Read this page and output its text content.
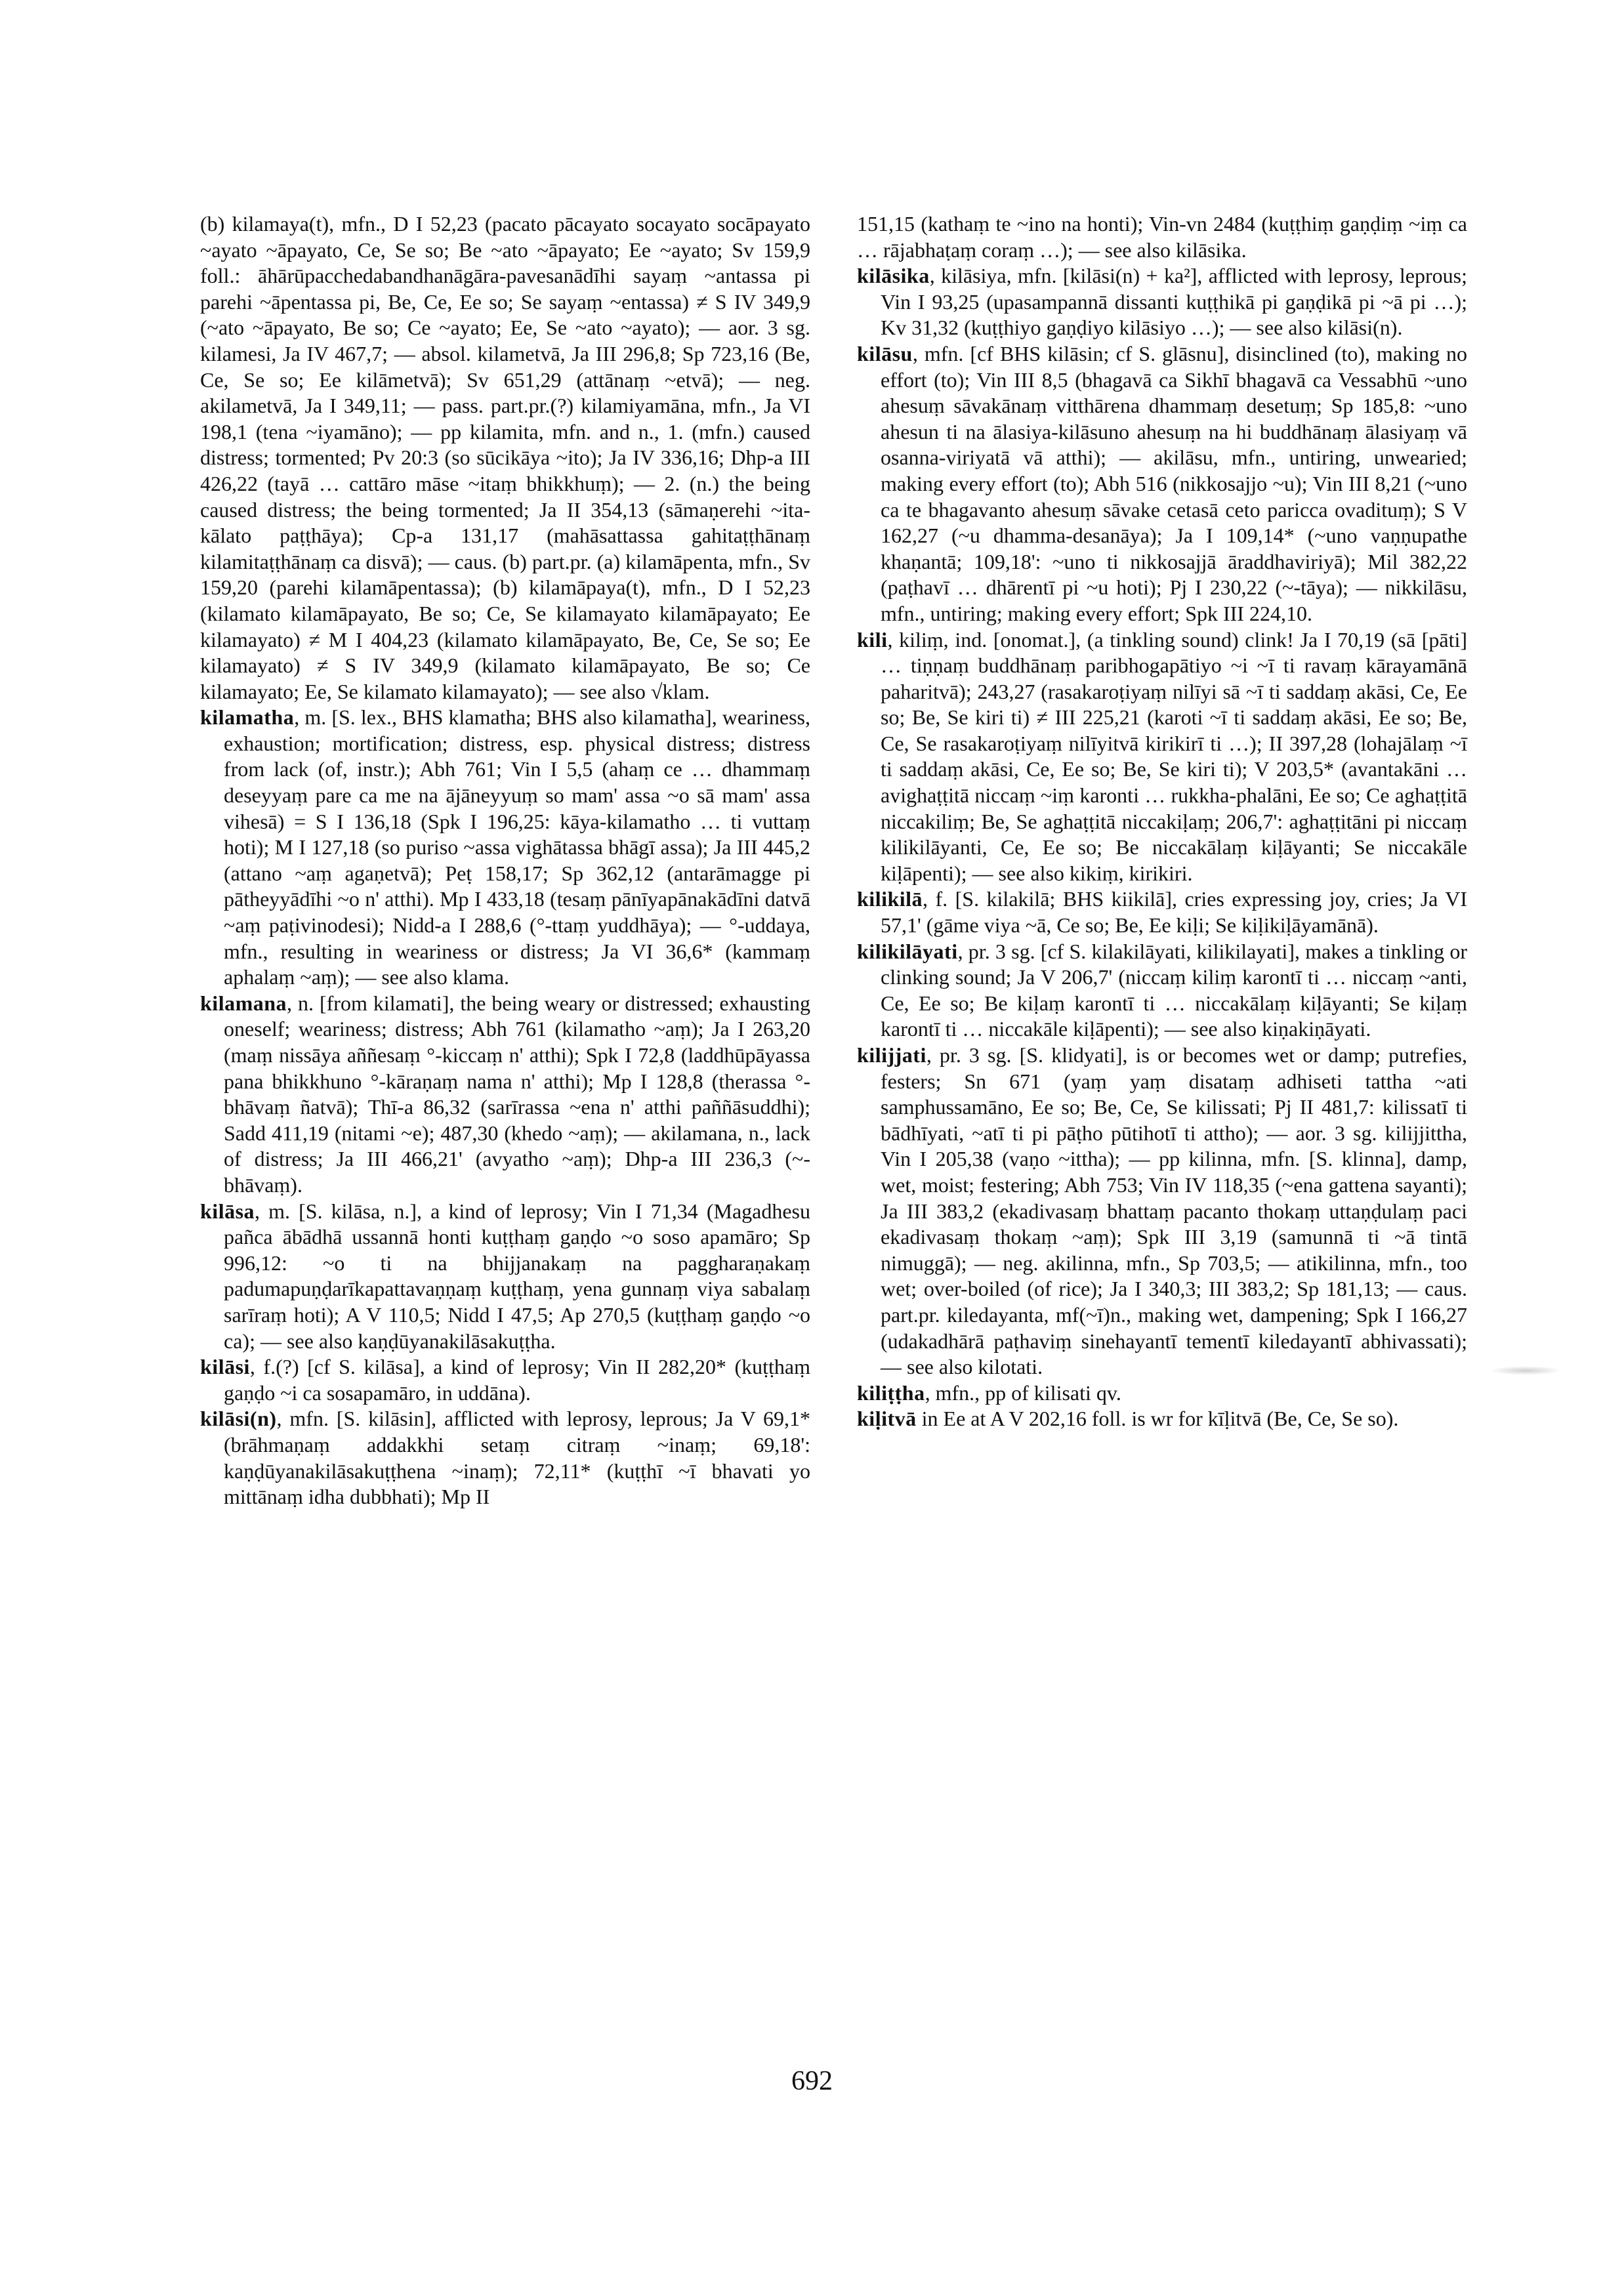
(b) kilamaya(t), mfn., D I 52,23 (pacato pācayato socayato socāpayato ~ayato ~āpayato, Ce, Se so; Be ~ato ~āpayato; Ee ~ayato; Sv 159,9 foll.: āhārūpacchedabandhanāgāra-pavesanādīhi sayaṃ ~antassa pi parehi ~āpentassa pi, Be, Ce, Ee so; Se sayaṃ ~entassa) ≠ S IV 349,9 (~ato ~āpayato, Be so; Ce ~ayato; Ee, Se ~ato ~ayato); — aor. 3 sg. kilamesi, Ja IV 467,7; — absol. kilametvā, Ja III 296,8; Sp 723,16 (Be, Ce, Se so; Ee kilāmetvā); Sv 651,29 (attānaṃ ~etvā); — neg. akilametvā, Ja I 349,11; — pass. part.pr.(?) kilamiyamāna, mfn., Ja VI 198,1 (tena ~iyamāno); — pp kilamita, mfn. and n., 1. (mfn.) caused distress; tormented; Pv 20:3 (so sūcikāya ~ito); Ja IV 336,16; Dhp-a III 426,22 (tayā … cattāro māse ~itaṃ bhikkhuṃ); — 2. (n.) the being caused distress; the being tormented; Ja II 354,13 (sāmaṇerehi ~ita-kālato paṭṭhāya); Cp-a 131,17 (mahāsattassa gahitaṭṭhānaṃ kilamitaṭṭhānaṃ ca disvā); — caus. (b) part.pr. (a) kilamāpenta, mfn., Sv 159,20 (parehi kilamāpentassa); (b) kilamāpaya(t), mfn., D I 52,23 (kilamato kilamāpayato, Be so; Ce, Se kilamayato kilamāpayato; Ee kilamayato) ≠ M I 404,23 (kilamato kilamāpayato, Be, Ce, Se so; Ee kilamayato) ≠ S IV 349,9 (kilamato kilamāpayato, Be so; Ce kilamayato; Ee, Se kilamato kilamayato); — see also √klam.

kilamatha, m. [S. lex., BHS klamatha; BHS also kilamatha], weariness, exhaustion; mortification; distress, esp. physical distress; distress from lack (of, instr.); Abh 761; Vin I 5,5 (ahaṃ ce … dhammaṃ deseyyaṃ pare ca me na ājāneyyuṃ so mam' assa ~o sā mam' assa vihesā) = S I 136,18 (Spk I 196,25: kāya-kilamatho … ti vuttaṃ hoti); M I 127,18 (so puriso ~assa vighātassa bhāgī assa); Ja III 445,2 (attano ~aṃ agaṇetvā); Peṭ 158,17; Sp 362,12 (antarāmagge pi pātheyyādīhi ~o n' atthi). Mp I 433,18 (tesaṃ pānīyapānakādīni datvā ~aṃ paṭivinodesi); Nidd-a I 288,6 (°-ttaṃ yuddhāya); — °-uddaya, mfn., resulting in weariness or distress; Ja VI 36,6* (kammaṃ aphalaṃ ~aṃ); — see also klama.

kilamana, n. [from kilamati], the being weary or distressed; exhausting oneself; weariness; distress; Abh 761 (kilamatho ~aṃ); Ja I 263,20 (maṃ nissāya aññesaṃ °-kiccaṃ n' atthi); Spk I 72,8 (laddhūpāyassa pana bhikkhuno °-kāraṇaṃ nama n' atthi); Mp I 128,8 (therassa °-bhāvaṃ ñatvā); Thī-a 86,32 (sarīrassa ~ena n' atthi paññāsuddhi); Sadd 411,19 (nitami ~e); 487,30 (khedo ~aṃ); — akilamana, n., lack of distress; Ja III 466,21' (avyatho ~aṃ); Dhp-a III 236,3 (~-bhāvaṃ).

kilāsa, m. [S. kilāsa, n.], a kind of leprosy; Vin I 71,34 (Magadhesu pañca ābādhā ussannā honti kuṭṭhaṃ gaṇḍo ~o soso apamāro; Sp 996,12: ~o ti na bhijjanakaṃ na paggharaṇakaṃ padumapuṇḍarīkapattavaṇṇaṃ kuṭṭhaṃ, yena gunnaṃ viya sabalaṃ sarīraṃ hoti); A V 110,5; Nidd I 47,5; Ap 270,5 (kuṭṭhaṃ gaṇḍo ~o ca); — see also kaṇḍūyanakilāsakuṭṭha.

kilāsi, f.(?) [cf S. kilāsa], a kind of leprosy; Vin II 282,20* (kuṭṭhaṃ gaṇḍo ~i ca sosapamāro, in uddāna).

kilāsi(n), mfn. [S. kilāsin], afflicted with leprosy, leprous; Ja V 69,1* (brāhmaṇaṃ addakkhi setaṃ citraṃ ~inaṃ; 69,18': kaṇḍūyanakilāsakuṭṭhena ~inaṃ); 72,11* (kuṭṭhī ~ī bhavati yo mittānaṃ idha dubbhati); Mp II

151,15 (kathaṃ te ~ino na honti); Vin-vn 2484 (kuṭṭhiṃ gaṇḍiṃ ~iṃ ca … rājabhaṭaṃ coraṃ …); — see also kilāsika.

kilāsika, kilāsiya, mfn. [kilāsi(n) + ka²], afflicted with leprosy, leprous; Vin I 93,25 (upasampannā dissanti kuṭṭhikā pi gaṇḍikā pi ~ā pi …); Kv 31,32 (kuṭṭhiyo gaṇḍiyo kilāsiyo …); — see also kilāsi(n).

kilāsu, mfn. [cf BHS kilāsin; cf S. glāsnu], disinclined (to), making no effort (to); Vin III 8,5 (bhagavā ca Sikhī bhagavā ca Vessabhū ~uno ahesuṃ sāvakānaṃ vitthārena dhammaṃ desetuṃ; Sp 185,8: ~uno ahesun ti na ālasiya-kilāsuno ahesuṃ na hi buddhānaṃ ālasiyaṃ vā osanna-viriyatā vā atthi); — akilāsu, mfn., untiring, unwearied; making every effort (to); Abh 516 (nikkosajjo ~u); Vin III 8,21 (~uno ca te bhagavanto ahesuṃ sāvake cetasā ceto paricca ovadituṃ); S V 162,27 (~u dhamma-desanāya); Ja I 109,14* (~uno vaṇṇupathe khaṇantā; 109,18': ~uno ti nikkosajjā āraddhaviriyā); Mil 382,22 (paṭhavī … dhārentī pi ~u hoti); Pj I 230,22 (~-tāya); — nikkilāsu, mfn., untiring; making every effort; Spk III 224,10.

kili, kiliṃ, ind. [onomat.], (a tinkling sound) clink! Ja I 70,19 (sā [pāti] … tiṇṇaṃ buddhānaṃ paribhogapātiyo ~i ~ī ti ravaṃ kārayamānā paharitvā); 243,27 (rasakaroṭiyaṃ nilīyi sā ~ī ti saddaṃ akāsi, Ce, Ee so; Be, Se kiri ti) ≠ III 225,21 (karoti ~ī ti saddaṃ akāsi, Ee so; Be, Ce, Se rasakaroṭiyaṃ nilīyitvā kirikirī ti …); II 397,28 (lohajālaṃ ~ī ti saddaṃ akāsi, Ce, Ee so; Be, Se kiri ti); V 203,5* (avantakāni … avighaṭṭitā niccaṃ ~iṃ karonti … rukkha-phalāni, Ee so; Ce aghaṭṭitā niccakiliṃ; Be, Se aghaṭṭitā niccakiḷaṃ; 206,7': aghaṭṭitāni pi niccaṃ kilikilāyanti, Ce, Ee so; Be niccakālaṃ kiḷāyanti; Se niccakāle kiḷāpenti); — see also kikiṃ, kirikiri.

kilikilā, f. [S. kilakilā; BHS kiikilā], cries expressing joy, cries; Ja VI 57,1' (gāme viya ~ā, Ce so; Be, Ee kiḷi; Se kiḷikiḷāyamānā).

kilikilāyati, pr. 3 sg. [cf S. kilakilāyati, kilikilayati], makes a tinkling or clinking sound; Ja V 206,7' (niccaṃ kiliṃ karontī ti … niccaṃ ~anti, Ce, Ee so; Be kiḷaṃ karontī ti … niccakālaṃ kiḷāyanti; Se kiḷaṃ karontī ti … niccakāle kiḷāpenti); — see also kiṇakiṇāyati.

kilijjati, pr. 3 sg. [S. klidyati], is or becomes wet or damp; putrefies, festers; Sn 671 (yaṃ yaṃ disataṃ adhiseti tattha ~ati samphussamāno, Ee so; Be, Ce, Se kilissati; Pj II 481,7: kilissatī ti bādhīyati, ~atī ti pi pāṭho pūtihotī ti attho); — aor. 3 sg. kilijjittha, Vin I 205,38 (vaṇo ~ittha); — pp kilinna, mfn. [S. klinna], damp, wet, moist; festering; Abh 753; Vin IV 118,35 (~ena gattena sayanti); Ja III 383,2 (ekadivasaṃ bhattaṃ pacanto thokaṃ uttaṇḍulaṃ paci ekadivasaṃ thokaṃ ~aṃ); Spk III 3,19 (samunnā ti ~ā tintā nimuggā); — neg. akilinna, mfn., Sp 703,5; — atikilinna, mfn., too wet; over-boiled (of rice); Ja I 340,3; III 383,2; Sp 181,13; — caus. part.pr. kiledayanta, mf(~ī)n., making wet, dampening; Spk I 166,27 (udakadhārā paṭhaviṃ sinehayantī tementī kiledayantī abhivassati); — see also kilotati.

kiliṭṭha, mfn., pp of kilisati qv.

kiḷitvā in Ee at A V 202,16 foll. is wr for kīḷitvā (Be, Ce, Se so).

692
